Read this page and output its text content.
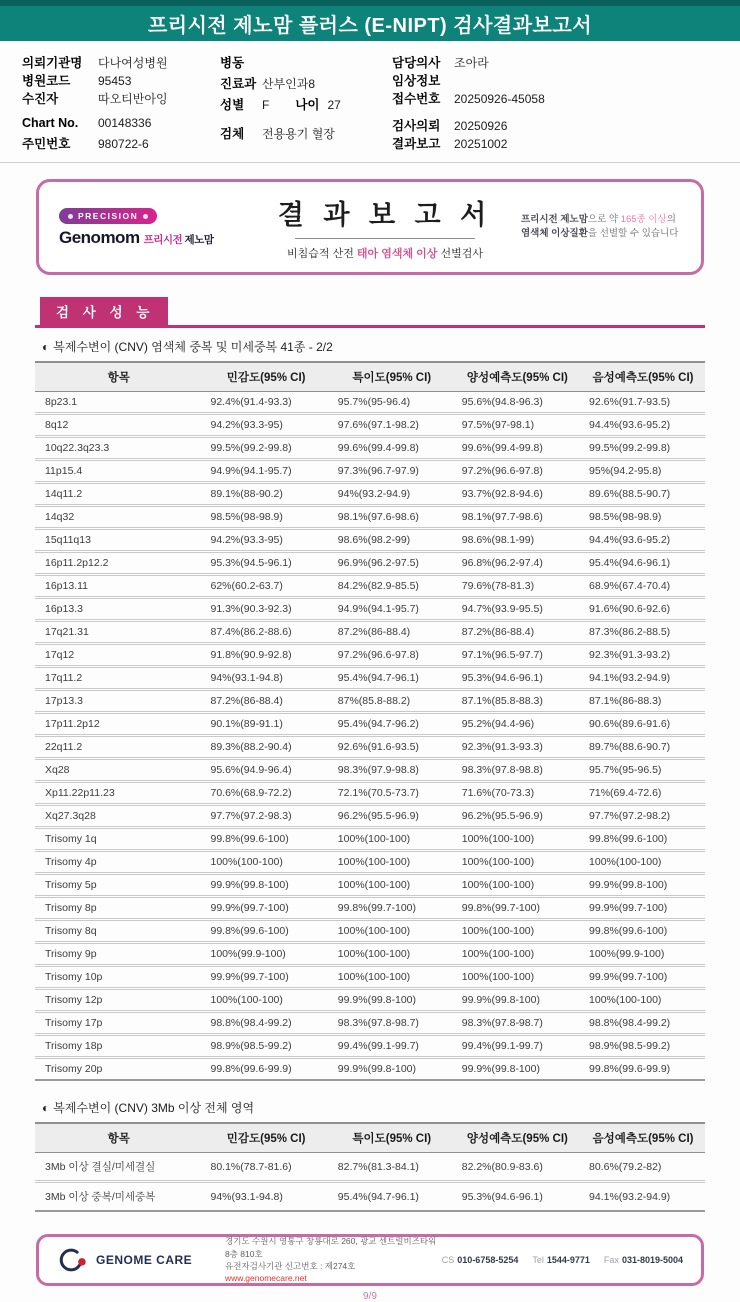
프리시전 제노맘 플러스 (E-NIPT) 검사결과보고서
의뢰기관명	다나여성병원
병원코드	95453
수진자	따오티반아잉
Chart No.	00148336
주민번호	980722-6
병동
진료과 산부인과8
성별	F 나이 27
검체	전용용기 혈장
담당의사	조아라
임상정보
접수번호	20250926-45058
검사의뢰	20250926
결과보고	20251002
PRECISION
Genomom 프리시전 제노맘
결 과 보 고 서
비침습적 산전 태아 염색체 이상 선별검사
프리시전 제노맘으로 약 165종 이상의 염색체 이상질환을 선별할 수 있습니다
검 사 성 능
◐ 복제수변이 (CNV) 염색체 중복 및 미세중복 41종 - 2/2
항목	민감도(95% CI)	특이도(95% CI)	양성예측도(95% CI)	음성예측도(95% CI)
8p23.1	92.4%(91.4-93.3)	95.7%(95-96.4)	95.6%(94.8-96.3)	92.6%(91.7-93.5)
8q12	94.2%(93.3-95)	97.6%(97.1-98.2)	97.5%(97-98.1)	94.4%(93.6-95.2)
10q22.3q23.3	99.5%(99.2-99.8)	99.6%(99.4-99.8)	99.6%(99.4-99.8)	99.5%(99.2-99.8)
11p15.4	94.9%(94.1-95.7)	97.3%(96.7-97.9)	97.2%(96.6-97.8)	95%(94.2-95.8)
14q11.2	89.1%(88-90.2)	94%(93.2-94.9)	93.7%(92.8-94.6)	89.6%(88.5-90.7)
14q32	98.5%(98-98.9)	98.1%(97.6-98.6)	98.1%(97.7-98.6)	98.5%(98-98.9)
15q11q13	94.2%(93.3-95)	98.6%(98.2-99)	98.6%(98.1-99)	94.4%(93.6-95.2)
16p11.2p12.2	95.3%(94.5-96.1)	96.9%(96.2-97.5)	96.8%(96.2-97.4)	95.4%(94.6-96.1)
16p13.11	62%(60.2-63.7)	84.2%(82.9-85.5)	79.6%(78-81.3)	68.9%(67.4-70.4)
16p13.3	91.3%(90.3-92.3)	94.9%(94.1-95.7)	94.7%(93.9-95.5)	91.6%(90.6-92.6)
17q21.31	87.4%(86.2-88.6)	87.2%(86-88.4)	87.2%(86-88.4)	87.3%(86.2-88.5)
17q12	91.8%(90.9-92.8)	97.2%(96.6-97.8)	97.1%(96.5-97.7)	92.3%(91.3-93.2)
17q11.2	94%(93.1-94.8)	95.4%(94.7-96.1)	95.3%(94.6-96.1)	94.1%(93.2-94.9)
17p13.3	87.2%(86-88.4)	87%(85.8-88.2)	87.1%(85.8-88.3)	87.1%(86-88.3)
17p11.2p12	90.1%(89-91.1)	95.4%(94.7-96.2)	95.2%(94.4-96)	90.6%(89.6-91.6)
22q11.2	89.3%(88.2-90.4)	92.6%(91.6-93.5)	92.3%(91.3-93.3)	89.7%(88.6-90.7)
Xq28	95.6%(94.9-96.4)	98.3%(97.9-98.8)	98.3%(97.8-98.8)	95.7%(95-96.5)
Xp11.22p11.23	70.6%(68.9-72.2)	72.1%(70.5-73.7)	71.6%(70-73.3)	71%(69.4-72.6)
Xq27.3q28	97.7%(97.2-98.3)	96.2%(95.5-96.9)	96.2%(95.5-96.9)	97.7%(97.2-98.2)
Trisomy 1q	99.8%(99.6-100)	100%(100-100)	100%(100-100)	99.8%(99.6-100)
Trisomy 4p	100%(100-100)	100%(100-100)	100%(100-100)	100%(100-100)
Trisomy 5p	99.9%(99.8-100)	100%(100-100)	100%(100-100)	99.9%(99.8-100)
Trisomy 8p	99.9%(99.7-100)	99.8%(99.7-100)	99.8%(99.7-100)	99.9%(99.7-100)
Trisomy 8q	99.8%(99.6-100)	100%(100-100)	100%(100-100)	99.8%(99.6-100)
Trisomy 9p	100%(99.9-100)	100%(100-100)	100%(100-100)	100%(99.9-100)
Trisomy 10p	99.9%(99.7-100)	100%(100-100)	100%(100-100)	99.9%(99.7-100)
Trisomy 12p	100%(100-100)	99.9%(99.8-100)	99.9%(99.8-100)	100%(100-100)
Trisomy 17p	98.8%(98.4-99.2)	98.3%(97.8-98.7)	98.3%(97.8-98.7)	98.8%(98.4-99.2)
Trisomy 18p	98.9%(98.5-99.2)	99.4%(99.1-99.7)	99.4%(99.1-99.7)	98.9%(98.5-99.2)
Trisomy 20p	99.8%(99.6-99.9)	99.9%(99.8-100)	99.9%(99.8-100)	99.8%(99.6-99.9)
◐ 복제수변이 (CNV) 3Mb 이상 전체 영역
항목	민감도(95% CI)	특이도(95% CI)	양성예측도(95% CI)	음성예측도(95% CI)
3Mb 이상 결실/미세결실	80.1%(78.7-81.6)	82.7%(81.3-84.1)	82.2%(80.9-83.6)	80.6%(79.2-82)
3Mb 이상 중복/미세중복	94%(93.1-94.8)	95.4%(94.7-96.1)	95.3%(94.6-96.1)	94.1%(93.2-94.9)
GENOME CARE
경기도 수원시 영통구 창룡대로 260, 광교 센트럴비즈타워 8층 810호
유전자검사기관 신고번호 : 제274호
www.genomecare.net
CS 010-6758-5254 Tel 1544-9771 Fax 031-8019-5004
9/9
